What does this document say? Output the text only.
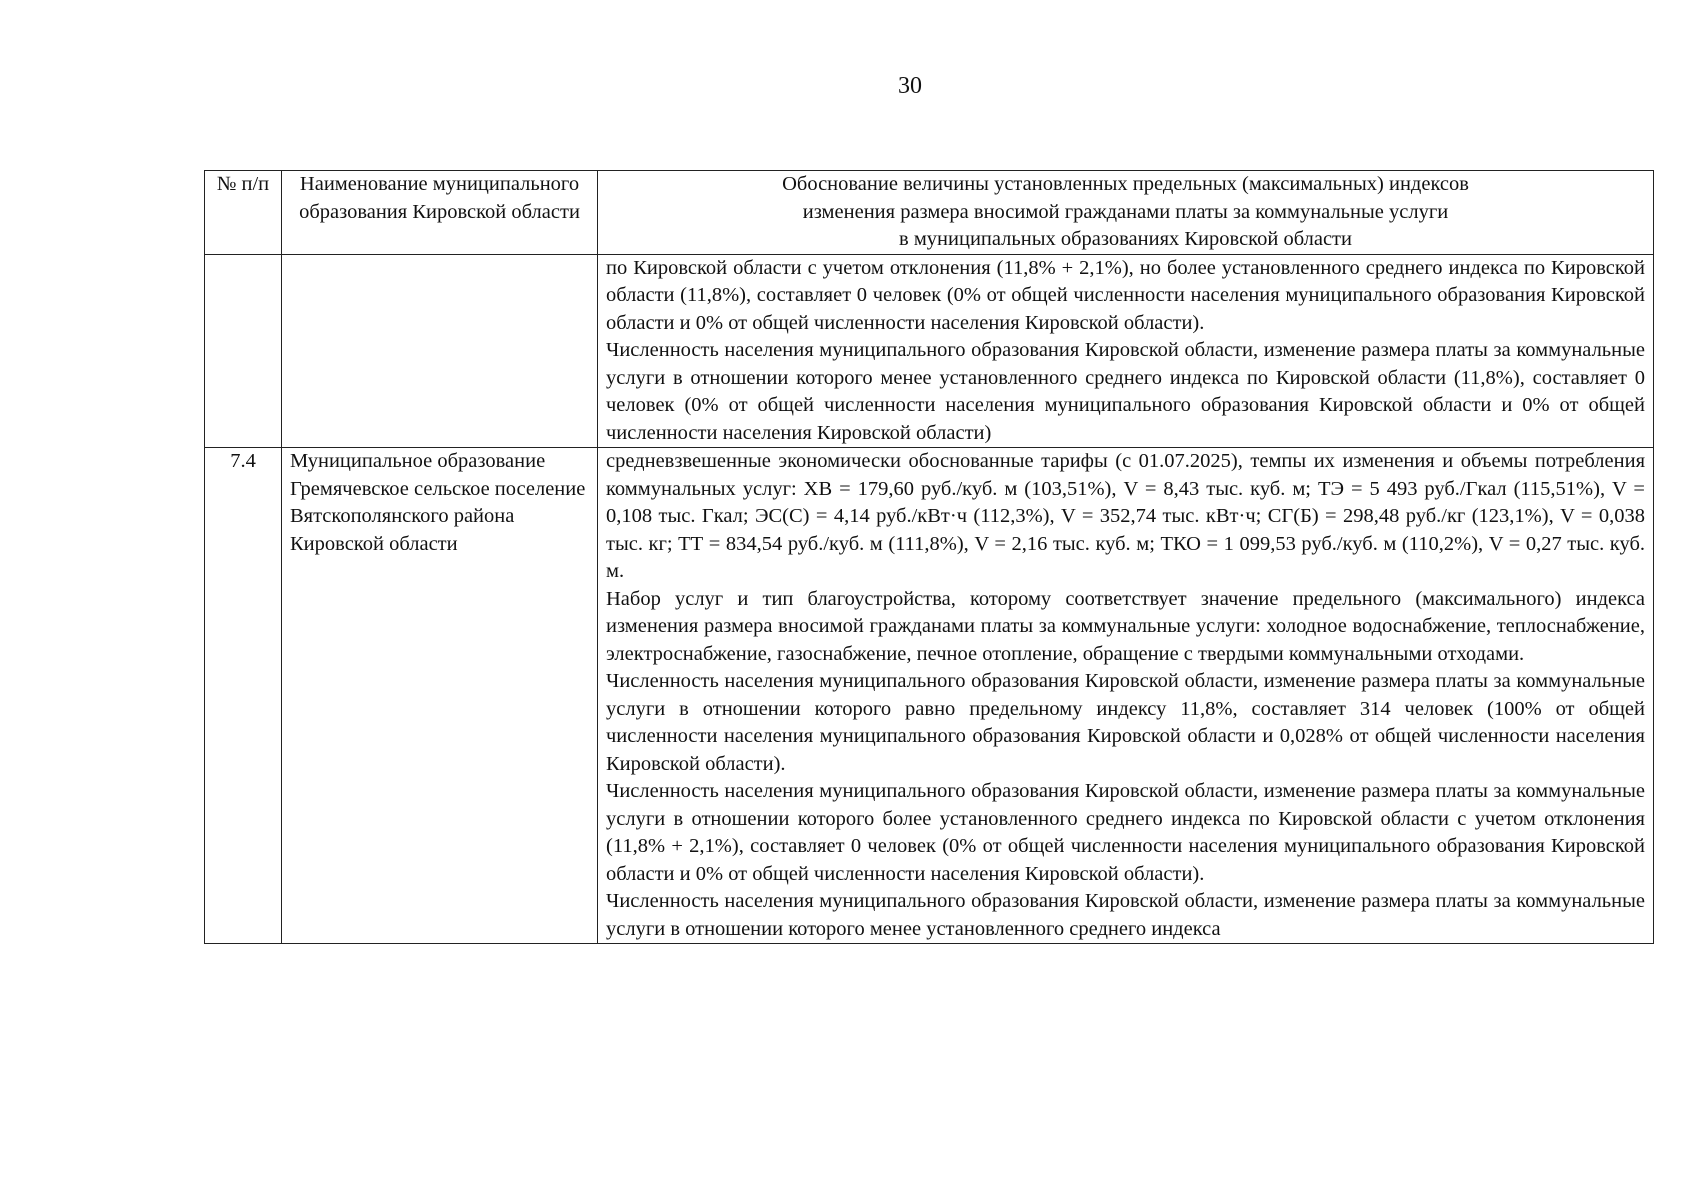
30
№ п/п	Наименование муниципального образования Кировской области	Обоснование величины установленных предельных (максимальных) индексов
изменения размера вносимой гражданами платы за коммунальные услуги
в муниципальных образованиях Кировской области

		по Кировской области с учетом отклонения (11,8% + 2,1%), но более установленного среднего индекса по Кировской области (11,8%), составляет 0 человек (0% от общей численности населения муниципального образования Кировской области и 0% от общей численности населения Кировской области).

Численность населения муниципального образования Кировской области, изменение размера платы за коммунальные услуги в отношении которого менее установленного среднего индекса по Кировской области (11,8%), составляет 0 человек (0% от общей численности населения муниципального образования Кировской области и 0% от общей численности населения Кировской области)

7.4	Муниципальное образование Гремячевское сельское поселение Вятскополянского района Кировской области	средневзвешенные экономически обоснованные тарифы (с 01.07.2025), темпы их изменения и объемы потребления коммунальных услуг: ХВ = 179,60 руб./куб. м (103,51%), V = 8,43 тыс. куб. м; ТЭ = 5 493 руб./Гкал (115,51%), V = 0,108 тыс. Гкал; ЭС(С) = 4,14 руб./кВт·ч (112,3%), V = 352,74 тыс. кВт·ч; СГ(Б) = 298,48 руб./кг (123,1%), V = 0,038 тыс. кг; ТТ = 834,54 руб./куб. м (111,8%), V = 2,16 тыс. куб. м; ТКО = 1 099,53 руб./куб. м (110,2%), V = 0,27 тыс. куб. м.

Набор услуг и тип благоустройства, которому соответствует значение предельного (максимального) индекса изменения размера вносимой гражданами платы за коммунальные услуги: холодное водоснабжение, теплоснабжение, электроснабжение, газоснабжение, печное отопление, обращение с твердыми коммунальными отходами.

Численность населения муниципального образования Кировской области, изменение размера платы за коммунальные услуги в отношении которого равно предельному индексу 11,8%, составляет 314 человек (100% от общей численности населения муниципального образования Кировской области и 0,028% от общей численности населения Кировской области).

Численность населения муниципального образования Кировской области, изменение размера платы за коммунальные услуги в отношении которого более установленного среднего индекса по Кировской области с учетом отклонения (11,8% + 2,1%), составляет 0 человек (0% от общей численности населения муниципального образования Кировской области и 0% от общей численности населения Кировской области).

Численность населения муниципального образования Кировской области, изменение размера платы за коммунальные услуги в отношении которого менее установленного среднего индекса
